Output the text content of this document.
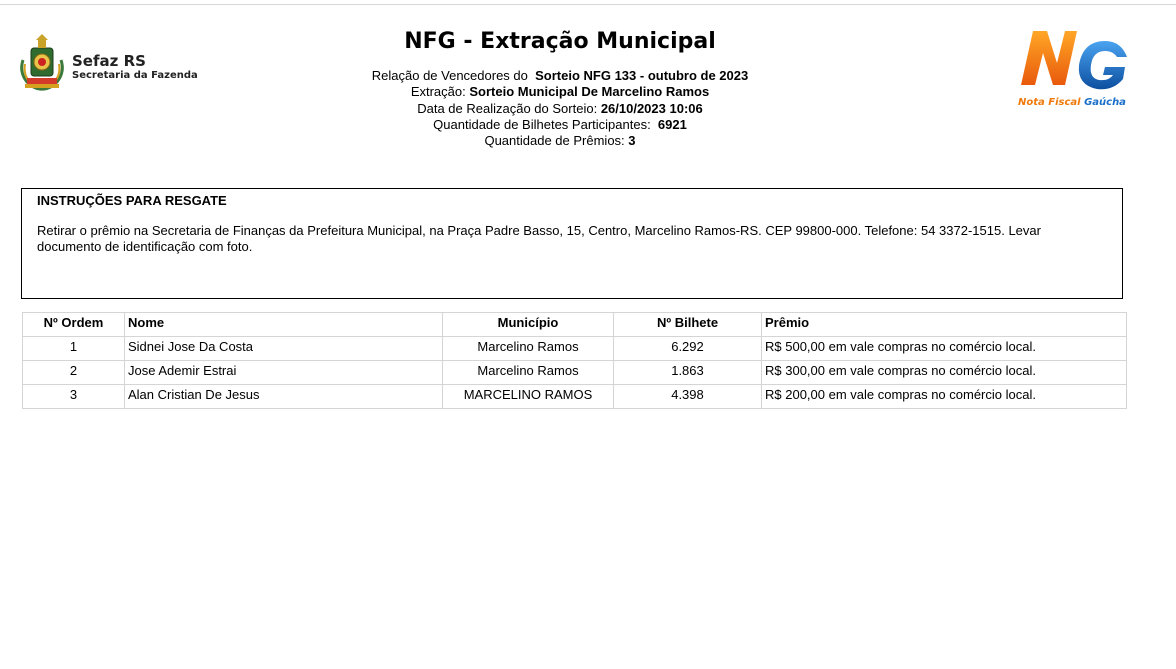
Sefaz RS
Secretaria da Fazenda
Nota Fiscal Gaúcha
NFG - Extração Municipal
Relação de Vencedores do Sorteio NFG 133 - outubro de 2023
Extração: Sorteio Municipal De Marcelino Ramos
Data de Realização do Sorteio: 26/10/2023 10:06
Quantidade de Bilhetes Participantes: 6921
Quantidade de Prêmios: 3
INSTRUÇÕES PARA RESGATE
Retirar o prêmio na Secretaria de Finanças da Prefeitura Municipal, na Praça Padre Basso, 15, Centro, Marcelino Ramos-RS. CEP 99800-000. Telefone: 54 3372-1515. Levar documento de identificação com foto.
Nº Ordem	Nome	Município	Nº Bilhete	Prêmio
1	Sidnei Jose Da Costa	Marcelino Ramos	6.292	R$ 500,00 em vale compras no comércio local.
2	Jose Ademir Estrai	Marcelino Ramos	1.863	R$ 300,00 em vale compras no comércio local.
3	Alan Cristian De Jesus	MARCELINO RAMOS	4.398	R$ 200,00 em vale compras no comércio local.
